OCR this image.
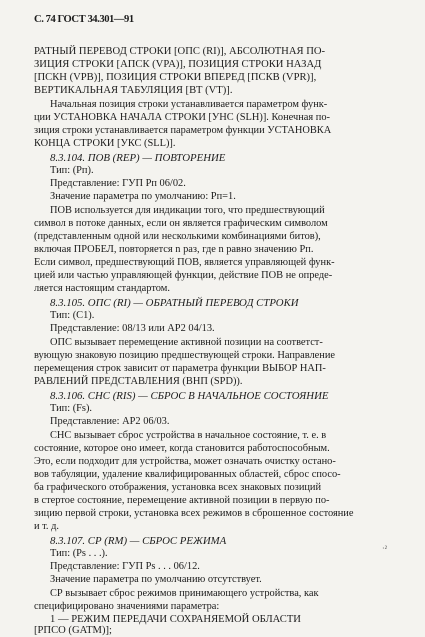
С. 74 ГОСТ 34.301—91
РАТНЫЙ ПЕРЕВОД СТРОКИ [ОПС (RI)], АБСОЛЮТНАЯ ПО-
ЗИЦИЯ СТРОКИ [АПСК (VPA)], ПОЗИЦИЯ СТРОКИ НАЗАД
[ПСКН (VPB)], ПОЗИЦИЯ СТРОКИ ВПЕРЕД [ПСКВ (VPR)],
ВЕРТИКАЛЬНАЯ ТАБУЛЯЦИЯ [ВТ (VT)].
Начальная позиция строки устанавливается параметром функ-
ции УСТАНОВКА НАЧАЛА СТРОКИ [УНС (SLH)]. Конечная по-
зиция строки устанавливается параметром функции УСТАНОВКА
КОНЦА СТРОКИ [УКС (SLL)].
8.3.104. ПОВ (REP) — ПОВТОРЕНИЕ
Тип: (Рп).
Представление: ГУП Рп 06/02.
Значение параметра по умолчанию: Рп=1.
ПОВ используется для индикации того, что предшествующий
символ в потоке данных, если он является графическим символом
(представленным одной или несколькими комбинациями битов),
включая ПРОБЕЛ, повторяется n раз, где n равно значению Рп.
Если символ, предшествующий ПОВ, является управляющей функ-
цией или частью управляющей функции, действие ПОВ не опреде-
ляется настоящим стандартом.
8.3.105. ОПС (RI) — ОБРАТНЫЙ ПЕРЕВОД СТРОКИ
Тип: (С1).
Представление: 08/13 или АР2 04/13.
ОПС вызывает перемещение активной позиции на соответст-
вующую знаковую позицию предшествующей строки. Направление
перемещения строк зависит от параметра функции ВЫБОР НАП-
РАВЛЕНИЙ ПРЕДСТАВЛЕНИЯ (ВНП (SPD)).
8.3.106. СНС (RIS) — СБРОС В НАЧАЛЬНОЕ СОСТОЯНИЕ
Тип: (Fs).
Представление: АР2 06/03.
СНС вызывает сброс устройства в начальное состояние, т. е. в
состояние, которое оно имеет, когда становится работоспособным.
Это, если подходит для устройства, может означать очистку остано-
вов табуляции, удаление квалифицированных областей, сброс спосо-
ба графического отображения, установка всех знаковых позиций
в стертое состояние, перемещение активной позиции в первую по-
зицию первой строки, установка всех режимов в сброшенное состояние
и т. д.
8.3.107. СР (RM) — СБРОС РЕЖИМА
Тип: (Ps . . .).
Представление: ГУП Ps . . . 06/12.
Значение параметра по умолчанию отсутствует.
СР вызывает сброс режимов принимающего устройства, как
специфицировано значениями параметра:
1 — РЕЖИМ ПЕРЕДАЧИ СОХРАНЯЕМОЙ ОБЛАСТИ
[РПСО (GATM)];
·²
